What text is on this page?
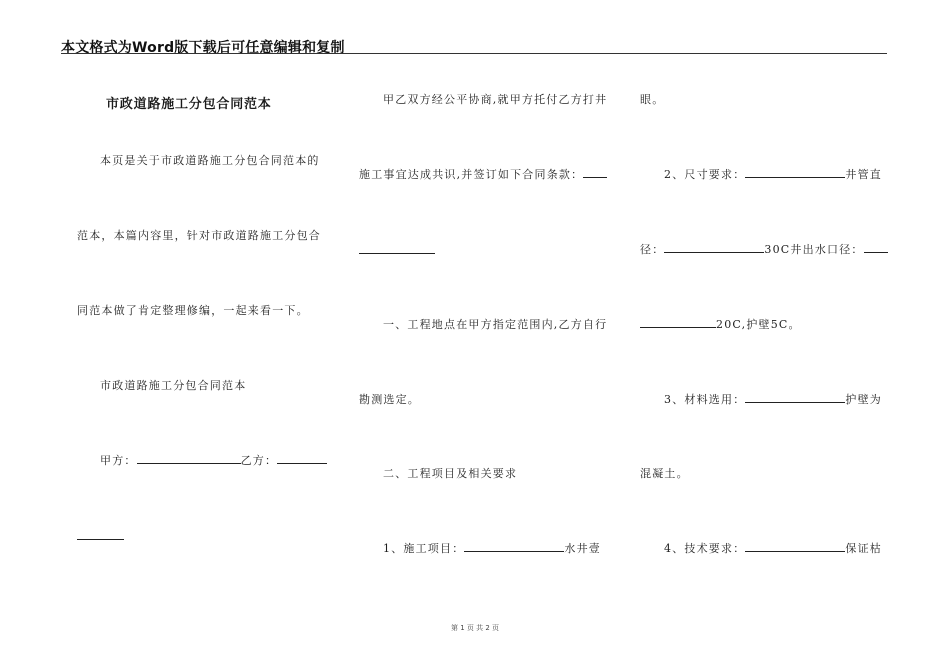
本文格式为Word版下载后可任意编辑和复制
市政道路施工分包合同范本
本页是关于市政道路施工分包合同范本的
范本，本篇内容里，针对市政道路施工分包合
同范本做了肯定整理修编，一起来看一下。
市政道路施工分包合同范本
甲方：	乙方：
甲乙双方经公平协商,就甲方托付乙方打井
施工事宜达成共识,并签订如下合同条款：
一、工程地点在甲方指定范围内,乙方自行
勘测选定。
二、工程项目及相关要求
1、施工项目：	水井壹
眼。
2、尺寸要求：	井管直
径：	30C井出水口径：
20C,护壁5C。
3、材料选用：	护壁为
混凝土。
4、技术要求：	保证枯
第 1 页 共 2 页
